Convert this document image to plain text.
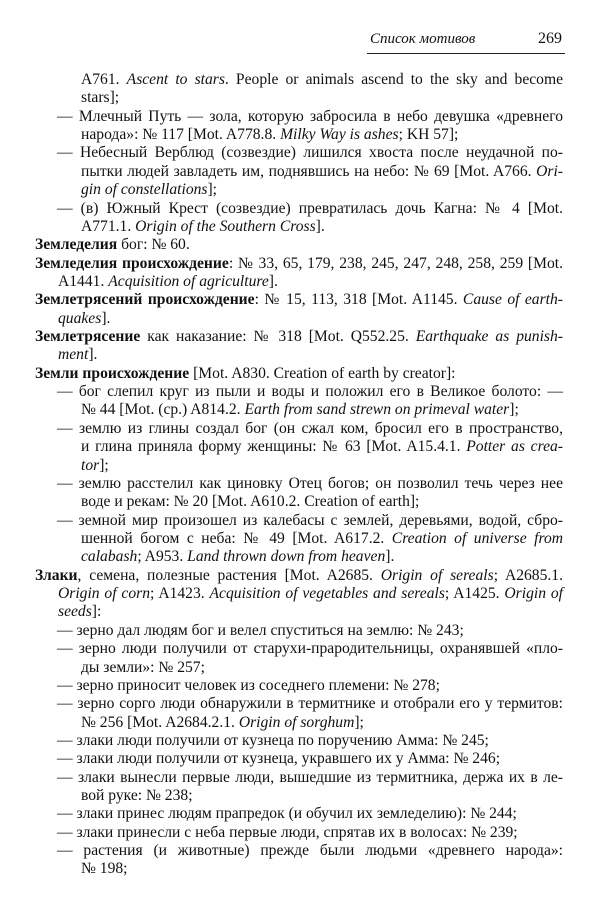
Список мотивов	269
A761. Ascent to stars. People or animals ascend to the sky and become
stars];
— Млечный Путь — зола, которую забросила в небо девушка «древнего
народа»: № 117 [Mot. A778.8. Milky Way is ashes; KH 57];
— Небесный Верблюд (созвездие) лишился хвоста после неудачной по-
пытки людей завладеть им, поднявшись на небо: № 69 [Mot. A766. Ori-
gin of constellations];
— (в) Южный Крест (созвездие) превратилась дочь Кагна: № 4 [Mot.
A771.1. Origin of the Southern Cross].
Земледелия бог: № 60.
Земледелия происхождение: № 33, 65, 179, 238, 245, 247, 248, 258, 259 [Mot.
A1441. Acquisition of agriculture].
Землетрясений происхождение: № 15, 113, 318 [Mot. A1145. Cause of earth-
quakes].
Землетрясение как наказание: № 318 [Mot. Q552.25. Earthquake as punish-
ment].
Земли происхождение [Mot. A830. Creation of earth by creator]:
— бог слепил круг из пыли и воды и положил его в Великое болото: —
№ 44 [Mot. (ср.) A814.2. Earth from sand strewn on primeval water];
— землю из глины создал бог (он сжал ком, бросил его в пространство,
и глина приняла форму женщины: № 63 [Mot. A15.4.1. Potter as crea-
tor];
— землю расстелил как циновку Отец богов; он позволил течь через нее
воде и рекам: № 20 [Mot. A610.2. Creation of earth];
— земной мир произошел из калебасы с землей, деревьями, водой, сбро-
шенной богом с неба: № 49 [Mot. A617.2. Creation of universe from
calabash; A953. Land thrown down from heaven].
Злаки, семена, полезные растения [Mot. A2685. Origin of sereals; A2685.1.
Origin of corn; A1423. Acquisition of vegetables and sereals; A1425. Origin of
seeds]:
— зерно дал людям бог и велел спуститься на землю: № 243;
— зерно люди получили от старухи-прародительницы, охранявшей «пло-
ды земли»: № 257;
— зерно приносит человек из соседнего племени: № 278;
— зерно сорго люди обнаружили в термитнике и отобрали его у термитов:
№ 256 [Mot. A2684.2.1. Origin of sorghum];
— злаки люди получили от кузнеца по поручению Амма: № 245;
— злаки люди получили от кузнеца, укравшего их у Амма: № 246;
— злаки вынесли первые люди, вышедшие из термитника, держа их в ле-
вой руке: № 238;
— злаки принес людям прапредок (и обучил их земледелию): № 244;
— злаки принесли с неба первые люди, спрятав их в волосах: № 239;
— растения (и животные) прежде были людьми «древнего народа»:
№ 198;
